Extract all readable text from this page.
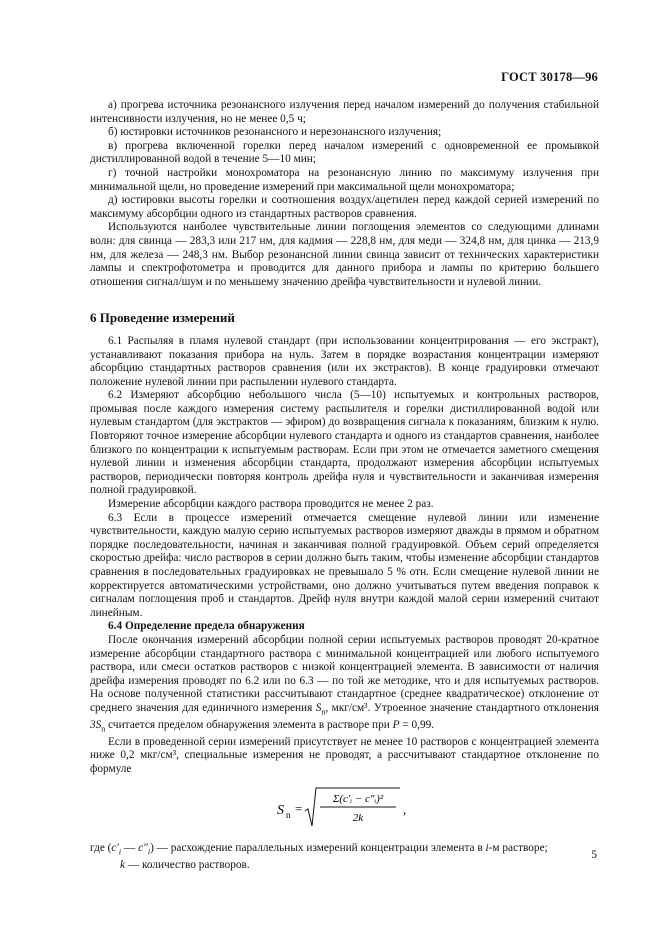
ГОСТ 30178—96

а) прогрева источника резонансного излучения перед началом измерений до получения стабильной интенсивности излучения, но не менее 0,5 ч;

б) юстировки источников резонансного и нерезонансного излучения;

в) прогрева включенной горелки перед началом измерений с одновременной ее промывкой дистиллированной водой в течение 5—10 мин;

г) точной настройки монохроматора на резонансную линию по максимуму излучения при минимальной щели, но проведение измерений при максимальной щели монохроматора;

д) юстировки высоты горелки и соотношения воздух/ацетилен перед каждой серией измерений по максимуму абсорбции одного из стандартных растворов сравнения.

Используются наиболее чувствительные линии поглощения элементов со следующими длинами волн: для свинца — 283,3 или 217 нм, для кадмия — 228,8 нм, для меди — 324,8 нм, для цинка — 213,9 нм, для железа — 248,3 нм. Выбор резонансной линии свинца зависит от технических характеристики лампы и спектрофотометра и проводится для данного прибора и лампы по критерию большего отношения сигнал/шум и по меньшему значению дрейфа чувствительности и нулевой линии.

6 Проведение измерений

6.1 Распыляя в пламя нулевой стандарт (при использовании концентрирования — его экстракт), устанавливают показания прибора на нуль. Затем в порядке возрастания концентрации измеряют абсорбцию стандартных растворов сравнения (или их экстрактов). В конце градуировки отмечают положение нулевой линии при распылении нулевого стандарта.

6.2 Измеряют абсорбцию небольшого числа (5—10) испытуемых и контрольных растворов, промывая после каждого измерения систему распылителя и горелки дистиллированной водой или нулевым стандартом (для экстрактов — эфиром) до возвращения сигнала к показаниям, близким к нулю. Повторяют точное измерение абсорбции нулевого стандарта и одного из стандартов сравнения, наиболее близкого по концентрации к испытуемым растворам. Если при этом не отмечается заметного смещения нулевой линии и изменения абсорбции стандарта, продолжают измерения абсорбции испытуемых растворов, периодически повторяя контроль дрейфа нуля и чувствительности и заканчивая измерения полной градуировкой.

Измерение абсорбции каждого раствора проводится не менее 2 раз.

6.3 Если в процессе измерений отмечается смещение нулевой линии или изменение чувствительности, каждую малую серию испытуемых растворов измеряют дважды в прямом и обратном порядке последовательности, начиная и заканчивая полной градуировкой. Объем серий определяется скоростью дрейфа: число растворов в серии должно быть таким, чтобы изменение абсорбции стандартов сравнения в последовательных градуировках не превышало 5 % отн. Если смещение нулевой линии не корректируется автоматическими устройствами, оно должно учитываться путем введения поправок к сигналам поглощения проб и стандартов. Дрейф нуля внутри каждой малой серии измерений считают линейным.

6.4 Определение предела обнаружения

После окончания измерений абсорбции полной серии испытуемых растворов проводят 20-кратное измерение абсорбции стандартного раствора с минимальной концентрацией или любого испытуемого раствора, или смеси остатков растворов с низкой концентрацией элемента. В зависимости от наличия дрейфа измерения проводят по 6.2 или по 6.3 — по той же методике, что и для испытуемых растворов. На основе полученной статистики рассчитывают стандартное (среднее квадратическое) отклонение от среднего значения для единичного измерения $S_n$, мкг/см³. Утроенное значение стандартного отклонения $3S_n$ считается пределом обнаружения элемента в растворе при P = 0,99.

Если в проведенной серии измерений присутствует не менее 10 растворов с концентрацией элемента ниже 0,2 мкг/см³, специальные измерения не проводят, а рассчитывают стандартное отклонение по формуле

S n =
Σ(c′ᵢ − c″ᵢ)²
2k
,

где ($c'_i$ — $c''_i$) — расхождение параллельных измерений концентрации элемента в i-м растворе;

k — количество растворов.

5
